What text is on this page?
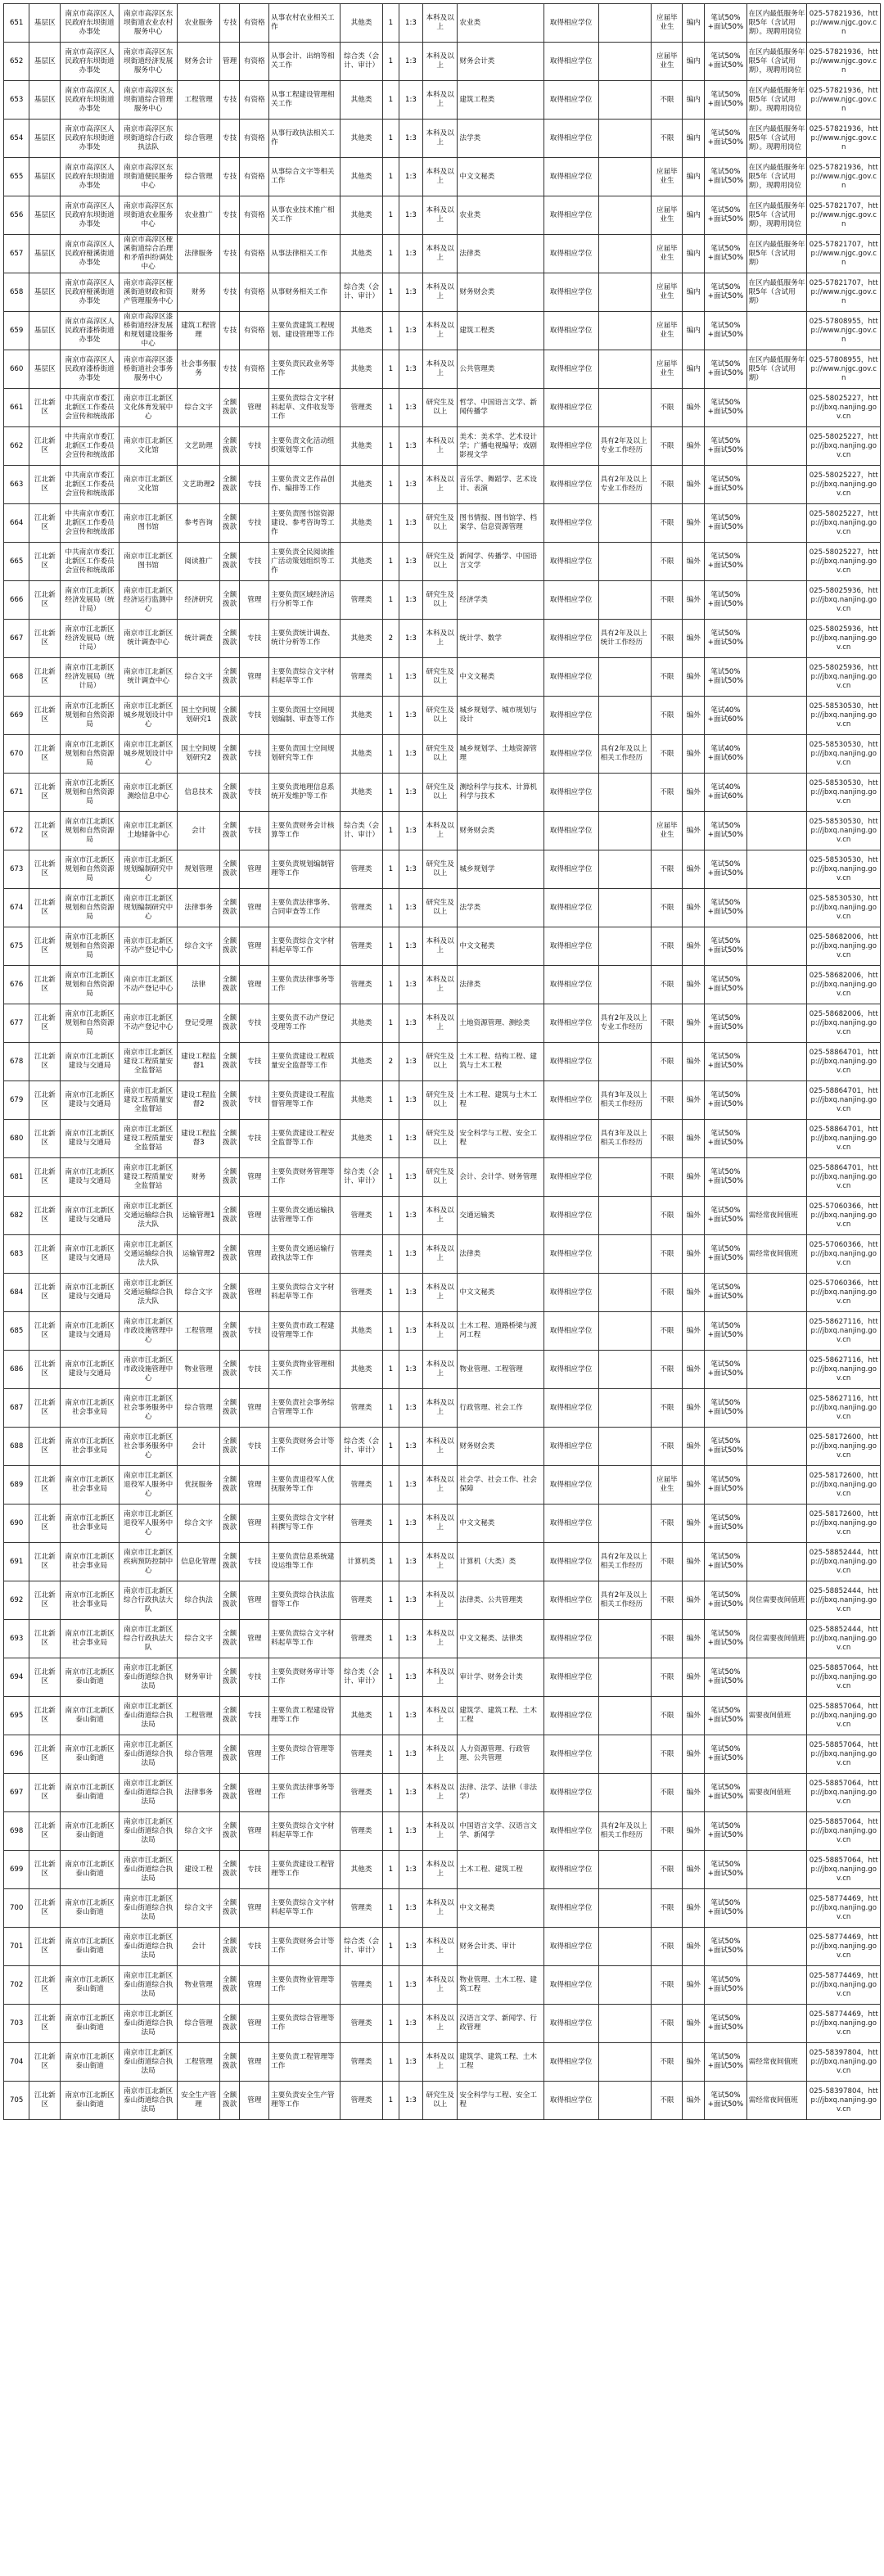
651	基层区	南京市高淳区人民政府东坝街道办事处	南京市高淳区东坝街道农业农村服务中心	农业服务	专技	有资格	从事农村农业相关工作	其他类	1	1:3	本科及以上	农业类	取得相应学位		应届毕业生	编内	笔试50%+面试50%	在区内最低服务年限5年（含试用期）。现聘用岗位	025-57821936，http://www.njgc.gov.cn
652	基层区	南京市高淳区人民政府东坝街道办事处	南京市高淳区东坝街道经济发展服务中心	财务会计	管理	有资格	从事会计、出纳等相关工作	综合类（会计、审计）	1	1:3	本科及以上	财务会计类	取得相应学位		应届毕业生	编内	笔试50%+面试50%	在区内最低服务年限5年（含试用期），现聘用岗位	025-57821936，http://www.njgc.gov.cn
653	基层区	南京市高淳区人民政府东坝街道办事处	南京市高淳区东坝街道综合管理服务中心	工程管理	专技	有资格	从事工程建设管理相关工作	其他类	1	1:3	本科及以上	建筑工程类	取得相应学位		不限	编内	笔试50%+面试50%	在区内最低服务年限5年（含试用期）。现聘用岗位	025-57821936，http://www.njgc.gov.cn
654	基层区	南京市高淳区人民政府东坝街道办事处	南京市高淳区东坝街道综合行政执法队	综合管理	专技	有资格	从事行政执法相关工作	其他类	1	1:3	本科及以上	法学类	取得相应学位		不限	编内	笔试50%+面试50%	在区内最低服务年限5年（含试用期）。现聘用岗位	025-57821936，http://www.njgc.gov.cn
655	基层区	南京市高淳区人民政府东坝街道办事处	南京市高淳区东坝街道便民服务中心	综合管理	专技	有资格	从事综合文字等相关工作	其他类	1	1:3	本科及以上	中文文秘类	取得相应学位		应届毕业生	编内	笔试50%+面试50%	在区内最低服务年限5年（含试用期），现聘用岗位	025-57821936，http://www.njgc.gov.cn
656	基层区	南京市高淳区人民政府东坝街道办事处	南京市高淳区东坝街道农业服务中心	农业推广	专技	有资格	从事农业技术推广相关工作	其他类	1	1:3	本科及以上	农业类	取得相应学位		应届毕业生	编内	笔试50%+面试50%	在区内最低服务年限5年（含试用期），现聘用岗位	025-57821707，http://www.njgc.gov.cn
657	基层区	南京市高淳区人民政府桠溪街道办事处	南京市高淳区桠溪街道综合治理和矛盾纠纷调处中心	法律服务	专技	有资格	从事法律相关工作	其他类	1	1:3	本科及以上	法律类	取得相应学位		应届毕业生	编内	笔试50%+面试50%	在区内最低服务年限5年（含试用期）	025-57821707，http://www.njgc.gov.cn
658	基层区	南京市高淳区人民政府桠溪街道办事处	南京市高淳区桠溪街道财政和资产管理服务中心	财务	专技	有资格	从事财务相关工作	综合类（会计、审计）	1	1:3	本科及以上	财务财会类	取得相应学位		应届毕业生	编内	笔试50%+面试50%	在区内最低服务年限5年（含试用期）	025-57821707，http://www.njgc.gov.cn
659	基层区	南京市高淳区人民政府漆桥街道办事处	南京市高淳区漆桥街道经济发展和规划建设服务中心	建筑工程管理	专技	有资格	主要负责建筑工程规划、建设管理等工作	其他类	1	1:3	本科及以上	建筑工程类	取得相应学位		应届毕业生	编内	笔试50%+面试50%		025-57808955，http://www.njgc.gov.cn
660	基层区	南京市高淳区人民政府漆桥街道办事处	南京市高淳区漆桥街道社会事务服务中心	社会事务服务	专技	有资格	主要负责民政业务等工作	其他类	1	1:3	本科及以上	公共管理类	取得相应学位		应届毕业生	编内	笔试50%+面试50%	在区内最低服务年限5年（含试用期）	025-57808955，http://www.njgc.gov.cn
661	江北新区	中共南京市委江北新区工作委员会宣传和统战部	南京市江北新区文化体育发展中心	综合文字	全额拨款	管理	主要负责综合文字材料起草、文件收发等工作	管理类	1	1:3	研究生及以上	哲学、中国语言文学、新闻传播学	取得相应学位		不限	编外	笔试50%+面试50%		025-58025227，http://jbxq.nanjing.gov.cn
662	江北新区	中共南京市委江北新区工作委员会宣传和统战部	南京市江北新区文化馆	文艺助理	全额拨款	专技	主要负责文化活动组织策划等工作	其他类	1	1:3	本科及以上	美术：美术学、艺术设计学；广播电视编导；戏剧影视文学	取得相应学位	具有2年及以上专业工作经历	不限	编外	笔试50%+面试50%		025-58025227，http://jbxq.nanjing.gov.cn
663	江北新区	中共南京市委江北新区工作委员会宣传和统战部	南京市江北新区文化馆	文艺助理2	全额拨款	专技	主要负责文艺作品创作、编排等工作	其他类	1	1:3	本科及以上	音乐学、舞蹈学、艺术设计、表演	取得相应学位	具有2年及以上专业工作经历	不限	编外	笔试50%+面试50%		025-58025227，http://jbxq.nanjing.gov.cn
664	江北新区	中共南京市委江北新区工作委员会宣传和统战部	南京市江北新区图书馆	参考咨询	全额拨款	专技	主要负责图书馆资源建设、参考咨询等工作	其他类	1	1:3	研究生及以上	图书情报、图书馆学、档案学、信息资源管理	取得相应学位		不限	编外	笔试50%+面试50%		025-58025227，http://jbxq.nanjing.gov.cn
665	江北新区	中共南京市委江北新区工作委员会宣传和统战部	南京市江北新区图书馆	阅读推广	全额拨款	专技	主要负责全民阅读推广活动策划组织等工作	其他类	1	1:3	研究生及以上	新闻学、传播学、中国语言文学	取得相应学位		不限	编外	笔试50%+面试50%		025-58025227，http://jbxq.nanjing.gov.cn
666	江北新区	南京市江北新区经济发展局（统计局）	南京市江北新区经济运行监测中心	经济研究	全额拨款	管理	主要负责区域经济运行分析等工作	管理类	1	1:3	研究生及以上	经济学类	取得相应学位		不限	编外	笔试50%+面试50%		025-58025936，http://jbxq.nanjing.gov.cn
667	江北新区	南京市江北新区经济发展局（统计局）	南京市江北新区统计调查中心	统计调查	全额拨款	专技	主要负责统计调查、统计分析等工作	其他类	2	1:3	本科及以上	统计学、数学	取得相应学位	具有2年及以上统计工作经历	不限	编外	笔试50%+面试50%		025-58025936，http://jbxq.nanjing.gov.cn
668	江北新区	南京市江北新区经济发展局（统计局）	南京市江北新区统计调查中心	综合文字	全额拨款	管理	主要负责综合文字材料起草等工作	管理类	1	1:3	研究生及以上	中文文秘类	取得相应学位		不限	编外	笔试50%+面试50%		025-58025936，http://jbxq.nanjing.gov.cn
669	江北新区	南京市江北新区规划和自然资源局	南京市江北新区城乡规划设计中心	国土空间规划研究1	全额拨款	专技	主要负责国土空间规划编制、审查等工作	其他类	1	1:3	研究生及以上	城乡规划学、城市规划与设计	取得相应学位		不限	编外	笔试40%+面试60%		025-58530530，http://jbxq.nanjing.gov.cn
670	江北新区	南京市江北新区规划和自然资源局	南京市江北新区城乡规划设计中心	国土空间规划研究2	全额拨款	专技	主要负责国土空间规划研究等工作	其他类	1	1:3	研究生及以上	城乡规划学、土地资源管理	取得相应学位	具有2年及以上相关工作经历	不限	编外	笔试40%+面试60%		025-58530530，http://jbxq.nanjing.gov.cn
671	江北新区	南京市江北新区规划和自然资源局	南京市江北新区测绘信息中心	信息技术	全额拨款	专技	主要负责地理信息系统开发维护等工作	其他类	1	1:3	研究生及以上	测绘科学与技术、计算机科学与技术	取得相应学位		不限	编外	笔试40%+面试60%		025-58530530，http://jbxq.nanjing.gov.cn
672	江北新区	南京市江北新区规划和自然资源局	南京市江北新区土地储备中心	会计	全额拨款	专技	主要负责财务会计核算等工作	综合类（会计、审计）	1	1:3	本科及以上	财务财会类	取得相应学位		应届毕业生	编外	笔试50%+面试50%		025-58530530，http://jbxq.nanjing.gov.cn
673	江北新区	南京市江北新区规划和自然资源局	南京市江北新区规划编制研究中心	规划管理	全额拨款	管理	主要负责规划编制管理等工作	管理类	1	1:3	研究生及以上	城乡规划学	取得相应学位		不限	编外	笔试50%+面试50%		025-58530530，http://jbxq.nanjing.gov.cn
674	江北新区	南京市江北新区规划和自然资源局	南京市江北新区规划编制研究中心	法律事务	全额拨款	管理	主要负责法律事务、合同审查等工作	管理类	1	1:3	研究生及以上	法学类	取得相应学位		不限	编外	笔试50%+面试50%		025-58530530，http://jbxq.nanjing.gov.cn
675	江北新区	南京市江北新区规划和自然资源局	南京市江北新区不动产登记中心	综合文字	全额拨款	管理	主要负责综合文字材料起草等工作	管理类	1	1:3	本科及以上	中文文秘类	取得相应学位		不限	编外	笔试50%+面试50%		025-58682006，http://jbxq.nanjing.gov.cn
676	江北新区	南京市江北新区规划和自然资源局	南京市江北新区不动产登记中心	法律	全额拨款	管理	主要负责法律事务等工作	管理类	1	1:3	本科及以上	法律类	取得相应学位		不限	编外	笔试50%+面试50%		025-58682006，http://jbxq.nanjing.gov.cn
677	江北新区	南京市江北新区规划和自然资源局	南京市江北新区不动产登记中心	登记受理	全额拨款	专技	主要负责不动产登记受理等工作	其他类	1	1:3	本科及以上	土地资源管理、测绘类	取得相应学位	具有2年及以上专业工作经历	不限	编外	笔试50%+面试50%		025-58682006，http://jbxq.nanjing.gov.cn
678	江北新区	南京市江北新区建设与交通局	南京市江北新区建设工程质量安全监督站	建设工程监督1	全额拨款	专技	主要负责建设工程质量安全监督等工作	其他类	2	1:3	研究生及以上	土木工程、结构工程、建筑与土木工程	取得相应学位		不限	编外	笔试50%+面试50%		025-58864701，http://jbxq.nanjing.gov.cn
679	江北新区	南京市江北新区建设与交通局	南京市江北新区建设工程质量安全监督站	建设工程监督2	全额拨款	专技	主要负责建设工程监督管理等工作	其他类	1	1:3	研究生及以上	土木工程、建筑与土木工程	取得相应学位	具有3年及以上相关工作经历	不限	编外	笔试50%+面试50%		025-58864701，http://jbxq.nanjing.gov.cn
680	江北新区	南京市江北新区建设与交通局	南京市江北新区建设工程质量安全监督站	建设工程监督3	全额拨款	专技	主要负责建设工程安全监督等工作	其他类	1	1:3	研究生及以上	安全科学与工程、安全工程	取得相应学位	具有3年及以上相关工作经历	不限	编外	笔试50%+面试50%		025-58864701，http://jbxq.nanjing.gov.cn
681	江北新区	南京市江北新区建设与交通局	南京市江北新区建设工程质量安全监督站	财务	全额拨款	管理	主要负责财务管理等工作	综合类（会计、审计）	1	1:3	研究生及以上	会计、会计学、财务管理	取得相应学位		不限	编外	笔试50%+面试50%		025-58864701，http://jbxq.nanjing.gov.cn
682	江北新区	南京市江北新区建设与交通局	南京市江北新区交通运输综合执法大队	运输管理1	全额拨款	管理	主要负责交通运输执法管理等工作	管理类	1	1:3	本科及以上	交通运输类	取得相应学位		不限	编外	笔试50%+面试50%	需经常夜间值班	025-57060366，http://jbxq.nanjing.gov.cn
683	江北新区	南京市江北新区建设与交通局	南京市江北新区交通运输综合执法大队	运输管理2	全额拨款	管理	主要负责交通运输行政执法等工作	管理类	1	1:3	本科及以上	法律类	取得相应学位		不限	编外	笔试50%+面试50%	需经常夜间值班	025-57060366，http://jbxq.nanjing.gov.cn
684	江北新区	南京市江北新区建设与交通局	南京市江北新区交通运输综合执法大队	综合文字	全额拨款	管理	主要负责综合文字材料起草等工作	管理类	1	1:3	本科及以上	中文文秘类	取得相应学位		不限	编外	笔试50%+面试50%		025-57060366，http://jbxq.nanjing.gov.cn
685	江北新区	南京市江北新区建设与交通局	南京市江北新区市政设施管理中心	工程管理	全额拨款	专技	主要负责市政工程建设管理等工作	其他类	1	1:3	本科及以上	土木工程、道路桥梁与渡河工程	取得相应学位		不限	编外	笔试50%+面试50%		025-58627116，http://jbxq.nanjing.gov.cn
686	江北新区	南京市江北新区建设与交通局	南京市江北新区市政设施管理中心	物业管理	全额拨款	专技	主要负责物业管理相关工作	其他类	1	1:3	本科及以上	物业管理、工程管理	取得相应学位		不限	编外	笔试50%+面试50%		025-58627116，http://jbxq.nanjing.gov.cn
687	江北新区	南京市江北新区社会事业局	南京市江北新区社会事务服务中心	综合管理	全额拨款	管理	主要负责社会事务综合管理等工作	管理类	1	1:3	本科及以上	行政管理、社会工作	取得相应学位		不限	编外	笔试50%+面试50%		025-58627116，http://jbxq.nanjing.gov.cn
688	江北新区	南京市江北新区社会事业局	南京市江北新区社会事务服务中心	会计	全额拨款	专技	主要负责财务会计等工作	综合类（会计、审计）	1	1:3	本科及以上	财务财会类	取得相应学位		不限	编外	笔试50%+面试50%		025-58172600，http://jbxq.nanjing.gov.cn
689	江北新区	南京市江北新区社会事业局	南京市江北新区退役军人服务中心	优抚服务	全额拨款	管理	主要负责退役军人优抚服务等工作	管理类	1	1:3	本科及以上	社会学、社会工作、社会保障	取得相应学位		应届毕业生	编外	笔试50%+面试50%		025-58172600，http://jbxq.nanjing.gov.cn
690	江北新区	南京市江北新区社会事业局	南京市江北新区退役军人服务中心	综合文字	全额拨款	管理	主要负责综合文字材料撰写等工作	管理类	1	1:3	本科及以上	中文文秘类	取得相应学位		不限	编外	笔试50%+面试50%		025-58172600，http://jbxq.nanjing.gov.cn
691	江北新区	南京市江北新区社会事业局	南京市江北新区疾病预防控制中心	信息化管理	全额拨款	专技	主要负责信息系统建设运维等工作	计算机类	1	1:3	本科及以上	计算机（大类）类	取得相应学位	具有2年及以上相关工作经历	不限	编外	笔试50%+面试50%		025-58852444，http://jbxq.nanjing.gov.cn
692	江北新区	南京市江北新区社会事业局	南京市江北新区综合行政执法大队	综合执法	全额拨款	管理	主要负责综合执法监督等工作	管理类	1	1:3	本科及以上	法律类、公共管理类	取得相应学位	具有2年及以上相关工作经历	不限	编外	笔试50%+面试50%	岗位需要夜间值班	025-58852444，http://jbxq.nanjing.gov.cn
693	江北新区	南京市江北新区社会事业局	南京市江北新区综合行政执法大队	综合文字	全额拨款	管理	主要负责综合文字材料起草等工作	管理类	1	1:3	本科及以上	中文文秘类、法律类	取得相应学位		不限	编外	笔试50%+面试50%	岗位需要夜间值班	025-58852444，http://jbxq.nanjing.gov.cn
694	江北新区	南京市江北新区泰山街道	南京市江北新区泰山街道综合执法局	财务审计	全额拨款	专技	主要负责财务审计等工作	综合类（会计、审计）	1	1:3	本科及以上	审计学、财务会计类	取得相应学位		不限	编外	笔试50%+面试50%		025-58857064，http://jbxq.nanjing.gov.cn
695	江北新区	南京市江北新区泰山街道	南京市江北新区泰山街道综合执法局	工程管理	全额拨款	专技	主要负责工程建设管理等工作	其他类	1	1:3	本科及以上	建筑学、建筑工程、土木工程	取得相应学位		不限	编外	笔试50%+面试50%	需要夜间值班	025-58857064，http://jbxq.nanjing.gov.cn
696	江北新区	南京市江北新区泰山街道	南京市江北新区泰山街道综合执法局	综合管理	全额拨款	管理	主要负责综合管理等工作	管理类	1	1:3	本科及以上	人力资源管理、行政管理、公共管理	取得相应学位		不限	编外	笔试50%+面试50%		025-58857064，http://jbxq.nanjing.gov.cn
697	江北新区	南京市江北新区泰山街道	南京市江北新区泰山街道综合执法局	法律事务	全额拨款	管理	主要负责法律事务等工作	管理类	1	1:3	本科及以上	法律、法学、法律（非法学）	取得相应学位		不限	编外	笔试50%+面试50%	需要夜间值班	025-58857064，http://jbxq.nanjing.gov.cn
698	江北新区	南京市江北新区泰山街道	南京市江北新区泰山街道综合执法局	综合文字	全额拨款	管理	主要负责综合文字材料起草等工作	管理类	1	1:3	本科及以上	中国语言文学、汉语言文学、新闻学	取得相应学位	具有2年及以上相关工作经历	不限	编外	笔试50%+面试50%		025-58857064，http://jbxq.nanjing.gov.cn
699	江北新区	南京市江北新区泰山街道	南京市江北新区泰山街道综合执法局	建设工程	全额拨款	专技	主要负责建设工程管理等工作	其他类	1	1:3	本科及以上	土木工程、建筑工程	取得相应学位		不限	编外	笔试50%+面试50%		025-58857064，http://jbxq.nanjing.gov.cn
700	江北新区	南京市江北新区泰山街道	南京市江北新区泰山街道综合执法局	综合文字	全额拨款	管理	主要负责综合文字材料起草等工作	管理类	1	1:3	本科及以上	中文文秘类	取得相应学位		不限	编外	笔试50%+面试50%		025-58774469，http://jbxq.nanjing.gov.cn
701	江北新区	南京市江北新区泰山街道	南京市江北新区泰山街道综合执法局	会计	全额拨款	专技	主要负责财务会计等工作	综合类（会计、审计）	1	1:3	本科及以上	财务会计类、审计	取得相应学位		不限	编外	笔试50%+面试50%		025-58774469，http://jbxq.nanjing.gov.cn
702	江北新区	南京市江北新区泰山街道	南京市江北新区泰山街道综合执法局	物业管理	全额拨款	管理	主要负责物业管理等工作	管理类	1	1:3	本科及以上	物业管理、土木工程、建筑工程	取得相应学位		不限	编外	笔试50%+面试50%		025-58774469，http://jbxq.nanjing.gov.cn
703	江北新区	南京市江北新区泰山街道	南京市江北新区泰山街道综合执法局	综合管理	全额拨款	管理	主要负责综合管理等工作	管理类	1	1:3	本科及以上	汉语言文学、新闻学、行政管理	取得相应学位		不限	编外	笔试50%+面试50%		025-58774469，http://jbxq.nanjing.gov.cn
704	江北新区	南京市江北新区泰山街道	南京市江北新区泰山街道综合执法局	工程管理	全额拨款	管理	主要负责工程管理等工作	管理类	1	1:3	本科及以上	建筑学、建筑工程、土木工程	取得相应学位		不限	编外	笔试50%+面试50%	需经常夜间值班	025-58397804，http://jbxq.nanjing.gov.cn
705	江北新区	南京市江北新区泰山街道	南京市江北新区泰山街道综合执法局	安全生产管理	全额拨款	管理	主要负责安全生产管理等工作	管理类	1	1:3	研究生及以上	安全科学与工程、安全工程	取得相应学位		不限	编外	笔试50%+面试50%	需经常夜间值班	025-58397804，http://jbxq.nanjing.gov.cn
